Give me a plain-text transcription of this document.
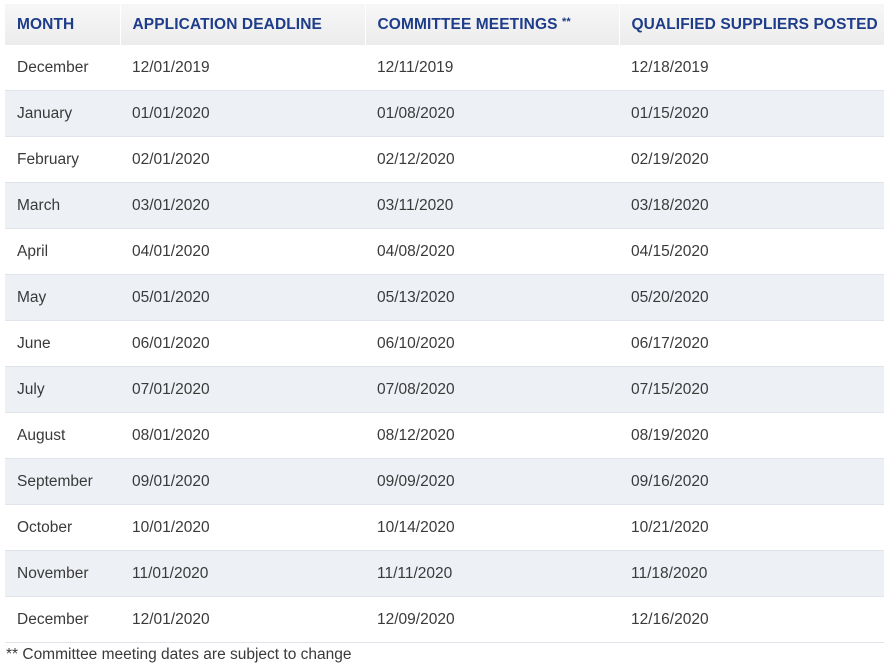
MONTH	APPLICATION DEADLINE	COMMITTEE MEETINGS **	QUALIFIED SUPPLIERS POSTED
December	12/01/2019	12/11/2019	12/18/2019
January	01/01/2020	01/08/2020	01/15/2020
February	02/01/2020	02/12/2020	02/19/2020
March	03/01/2020	03/11/2020	03/18/2020
April	04/01/2020	04/08/2020	04/15/2020
May	05/01/2020	05/13/2020	05/20/2020
June	06/01/2020	06/10/2020	06/17/2020
July	07/01/2020	07/08/2020	07/15/2020
August	08/01/2020	08/12/2020	08/19/2020
September	09/01/2020	09/09/2020	09/16/2020
October	10/01/2020	10/14/2020	10/21/2020
November	11/01/2020	11/11/2020	11/18/2020
December	12/01/2020	12/09/2020	12/16/2020
** Committee meeting dates are subject to change
